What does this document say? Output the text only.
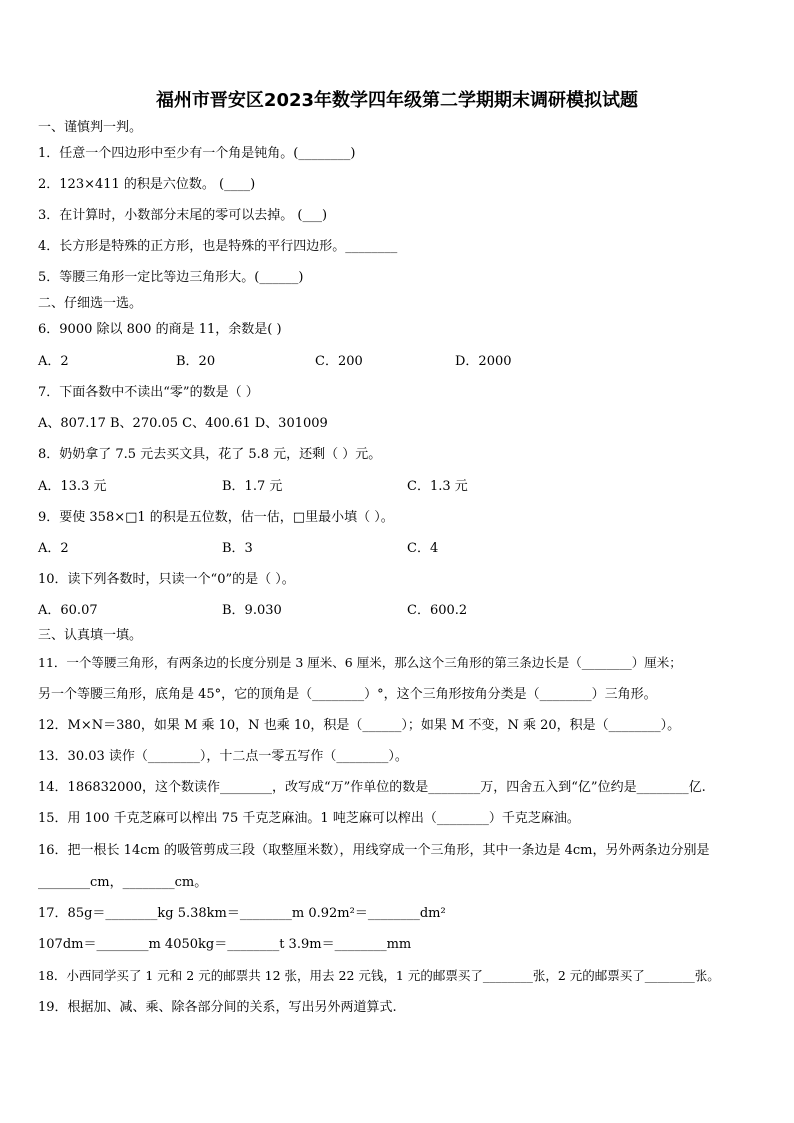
福州市晋安区2023年数学四年级第二学期期末调研模拟试题
一、谨慎判一判。
1．任意一个四边形中至少有一个角是钝角。(________)
2．123×411 的积是六位数。 (____)
3．在计算时，小数部分末尾的零可以去掉。 (___)
4．长方形是特殊的正方形，也是特殊的平行四边形。________
5．等腰三角形一定比等边三角形大。(______)
二、仔细选一选。
6．9000 除以 800 的商是 11，余数是( )
A．2	B．20	C．200	D．2000
7．下面各数中不读出“零”的数是（ ）
A、807.17 B、270.05 C、400.61 D、301009
8．奶奶拿了 7.5 元去买文具，花了 5.8 元，还剩（ ）元。
A．13.3 元	B．1.7 元	C．1.3 元
9．要使 358×□1 的积是五位数，估一估，□里最小填（ ）。
A．2	B．3	C．4
10．读下列各数时，只读一个“0”的是（ ）。
A．60.07	B．9.030	C．600.2
三、认真填一填。
11．一个等腰三角形，有两条边的长度分别是 3 厘米、6 厘米，那么这个三角形的第三条边长是（________）厘米；
另一个等腰三角形，底角是 45°，它的顶角是（________）°，这个三角形按角分类是（________）三角形。
12．M×N＝380，如果 M 乘 10，N 也乘 10，积是（______）；如果 M 不变，N 乘 20，积是（________）。
13．30.03 读作（________），十二点一零五写作（________）。
14．186832000，这个数读作________，改写成“万”作单位的数是________万，四舍五入到“亿”位约是________亿.
15．用 100 千克芝麻可以榨出 75 千克芝麻油。1 吨芝麻可以榨出（________）千克芝麻油。
16．把一根长 14cm 的吸管剪成三段（取整厘米数），用线穿成一个三角形，其中一条边是 4cm，另外两条边分别是
________cm，________cm。
17．85g＝________kg 5.38km＝________m 0.92m²＝________dm²
107dm＝________m 4050kg＝________t 3.9m＝________mm
18．小西同学买了 1 元和 2 元的邮票共 12 张，用去 22 元钱，1 元的邮票买了________张，2 元的邮票买了________张。
19．根据加、减、乘、除各部分间的关系，写出另外两道算式.
